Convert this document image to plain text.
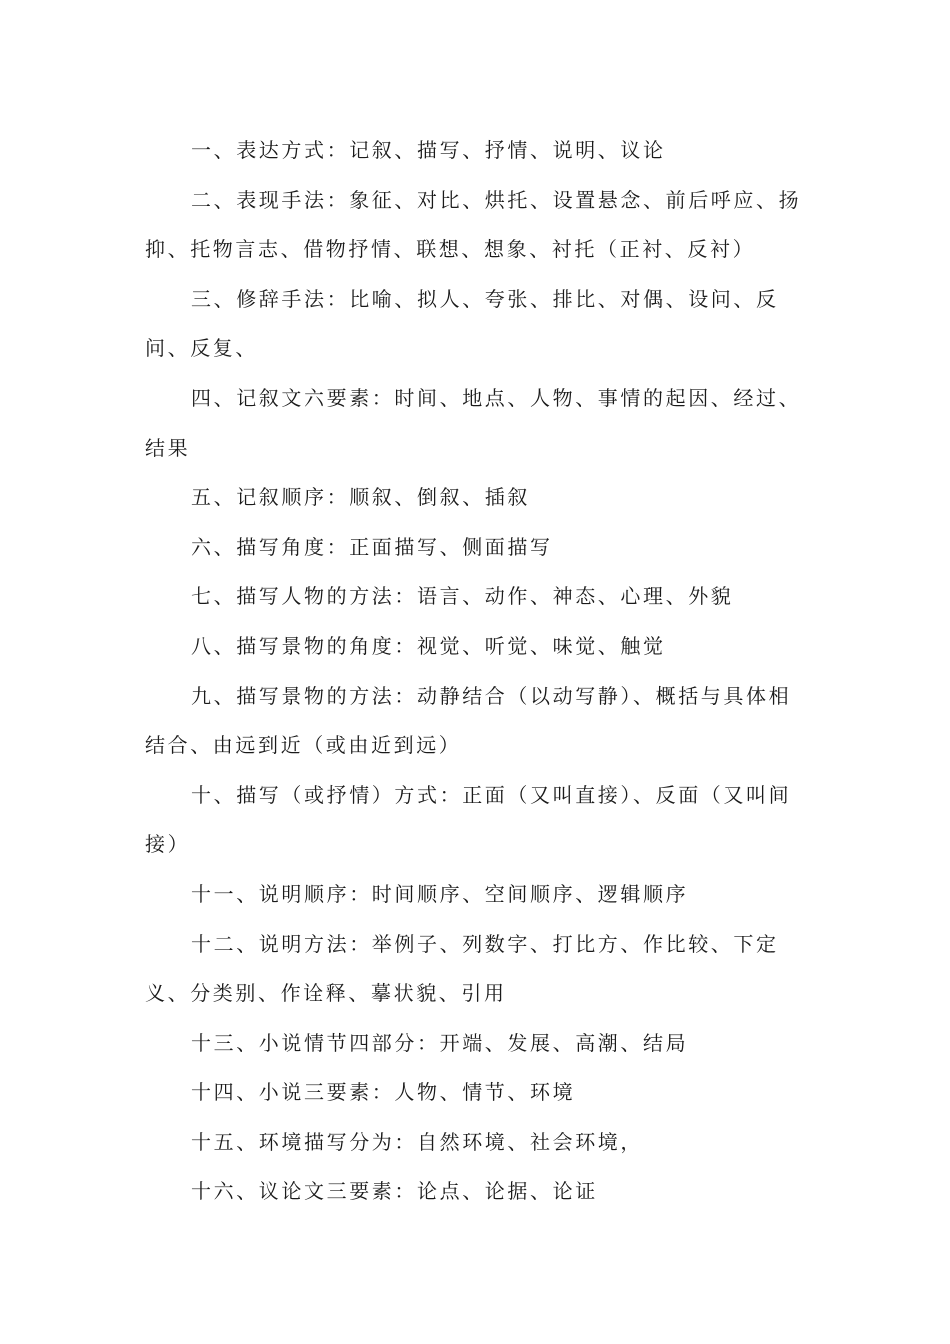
一、表达方式：记叙、描写、抒情、说明、议论

二、表现手法：象征、对比、烘托、设置悬念、前后呼应、扬抑、托物言志、借物抒情、联想、想象、衬托（正衬、反衬）

三、修辞手法：比喻、拟人、夸张、排比、对偶、设问、反问、反复、

四、记叙文六要素：时间、地点、人物、事情的起因、经过、结果

五、记叙顺序：顺叙、倒叙、插叙

六、描写角度：正面描写、侧面描写

七、描写人物的方法：语言、动作、神态、心理、外貌

八、描写景物的角度：视觉、听觉、味觉、触觉

九、描写景物的方法：动静结合（以动写静）、概括与具体相结合、由远到近（或由近到远）

十、描写（或抒情）方式：正面（又叫直接）、反面（又叫间接）

十一、说明顺序：时间顺序、空间顺序、逻辑顺序

十二、说明方法：举例子、列数字、打比方、作比较、下定义、分类别、作诠释、摹状貌、引用

十三、小说情节四部分：开端、发展、高潮、结局

十四、小说三要素：人物、情节、环境

十五、环境描写分为：自然环境、社会环境，

十六、议论文三要素：论点、论据、论证
